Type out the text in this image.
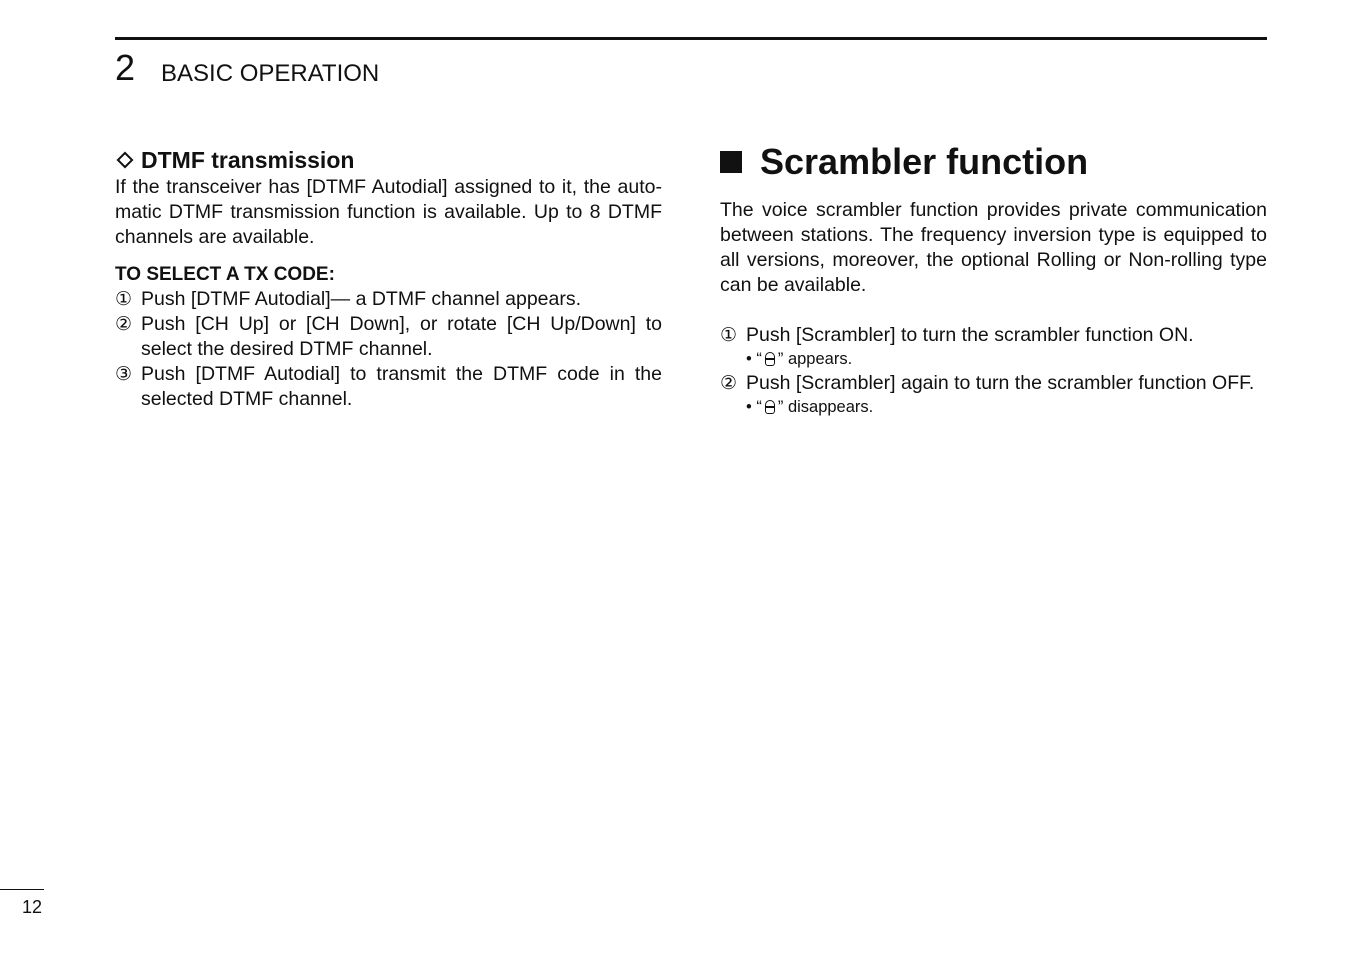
2 BASIC OPERATION
DTMF transmission

If the transceiver has [DTMF Autodial] assigned to it, the auto-matic DTMF transmission function is available. Up to 8 DTMF channels are available.

TO SELECT A TX CODE:
① Push [DTMF Autodial]— a DTMF channel appears.
② Push [CH Up] or [CH Down], or rotate [CH Up/Down] to select the desired DTMF channel.
③ Push [DTMF Autodial] to transmit the DTMF code in the selected DTMF channel.
Scrambler function

The voice scrambler function provides private communication between stations. The frequency inversion type is equipped to all versions, moreover, the optional Rolling or Non-rolling type can be available.

① Push [Scrambler] to turn the scrambler function ON.
• “ ” appears.
② Push [Scrambler] again to turn the scrambler function OFF.
• “ ” disappears.
12
